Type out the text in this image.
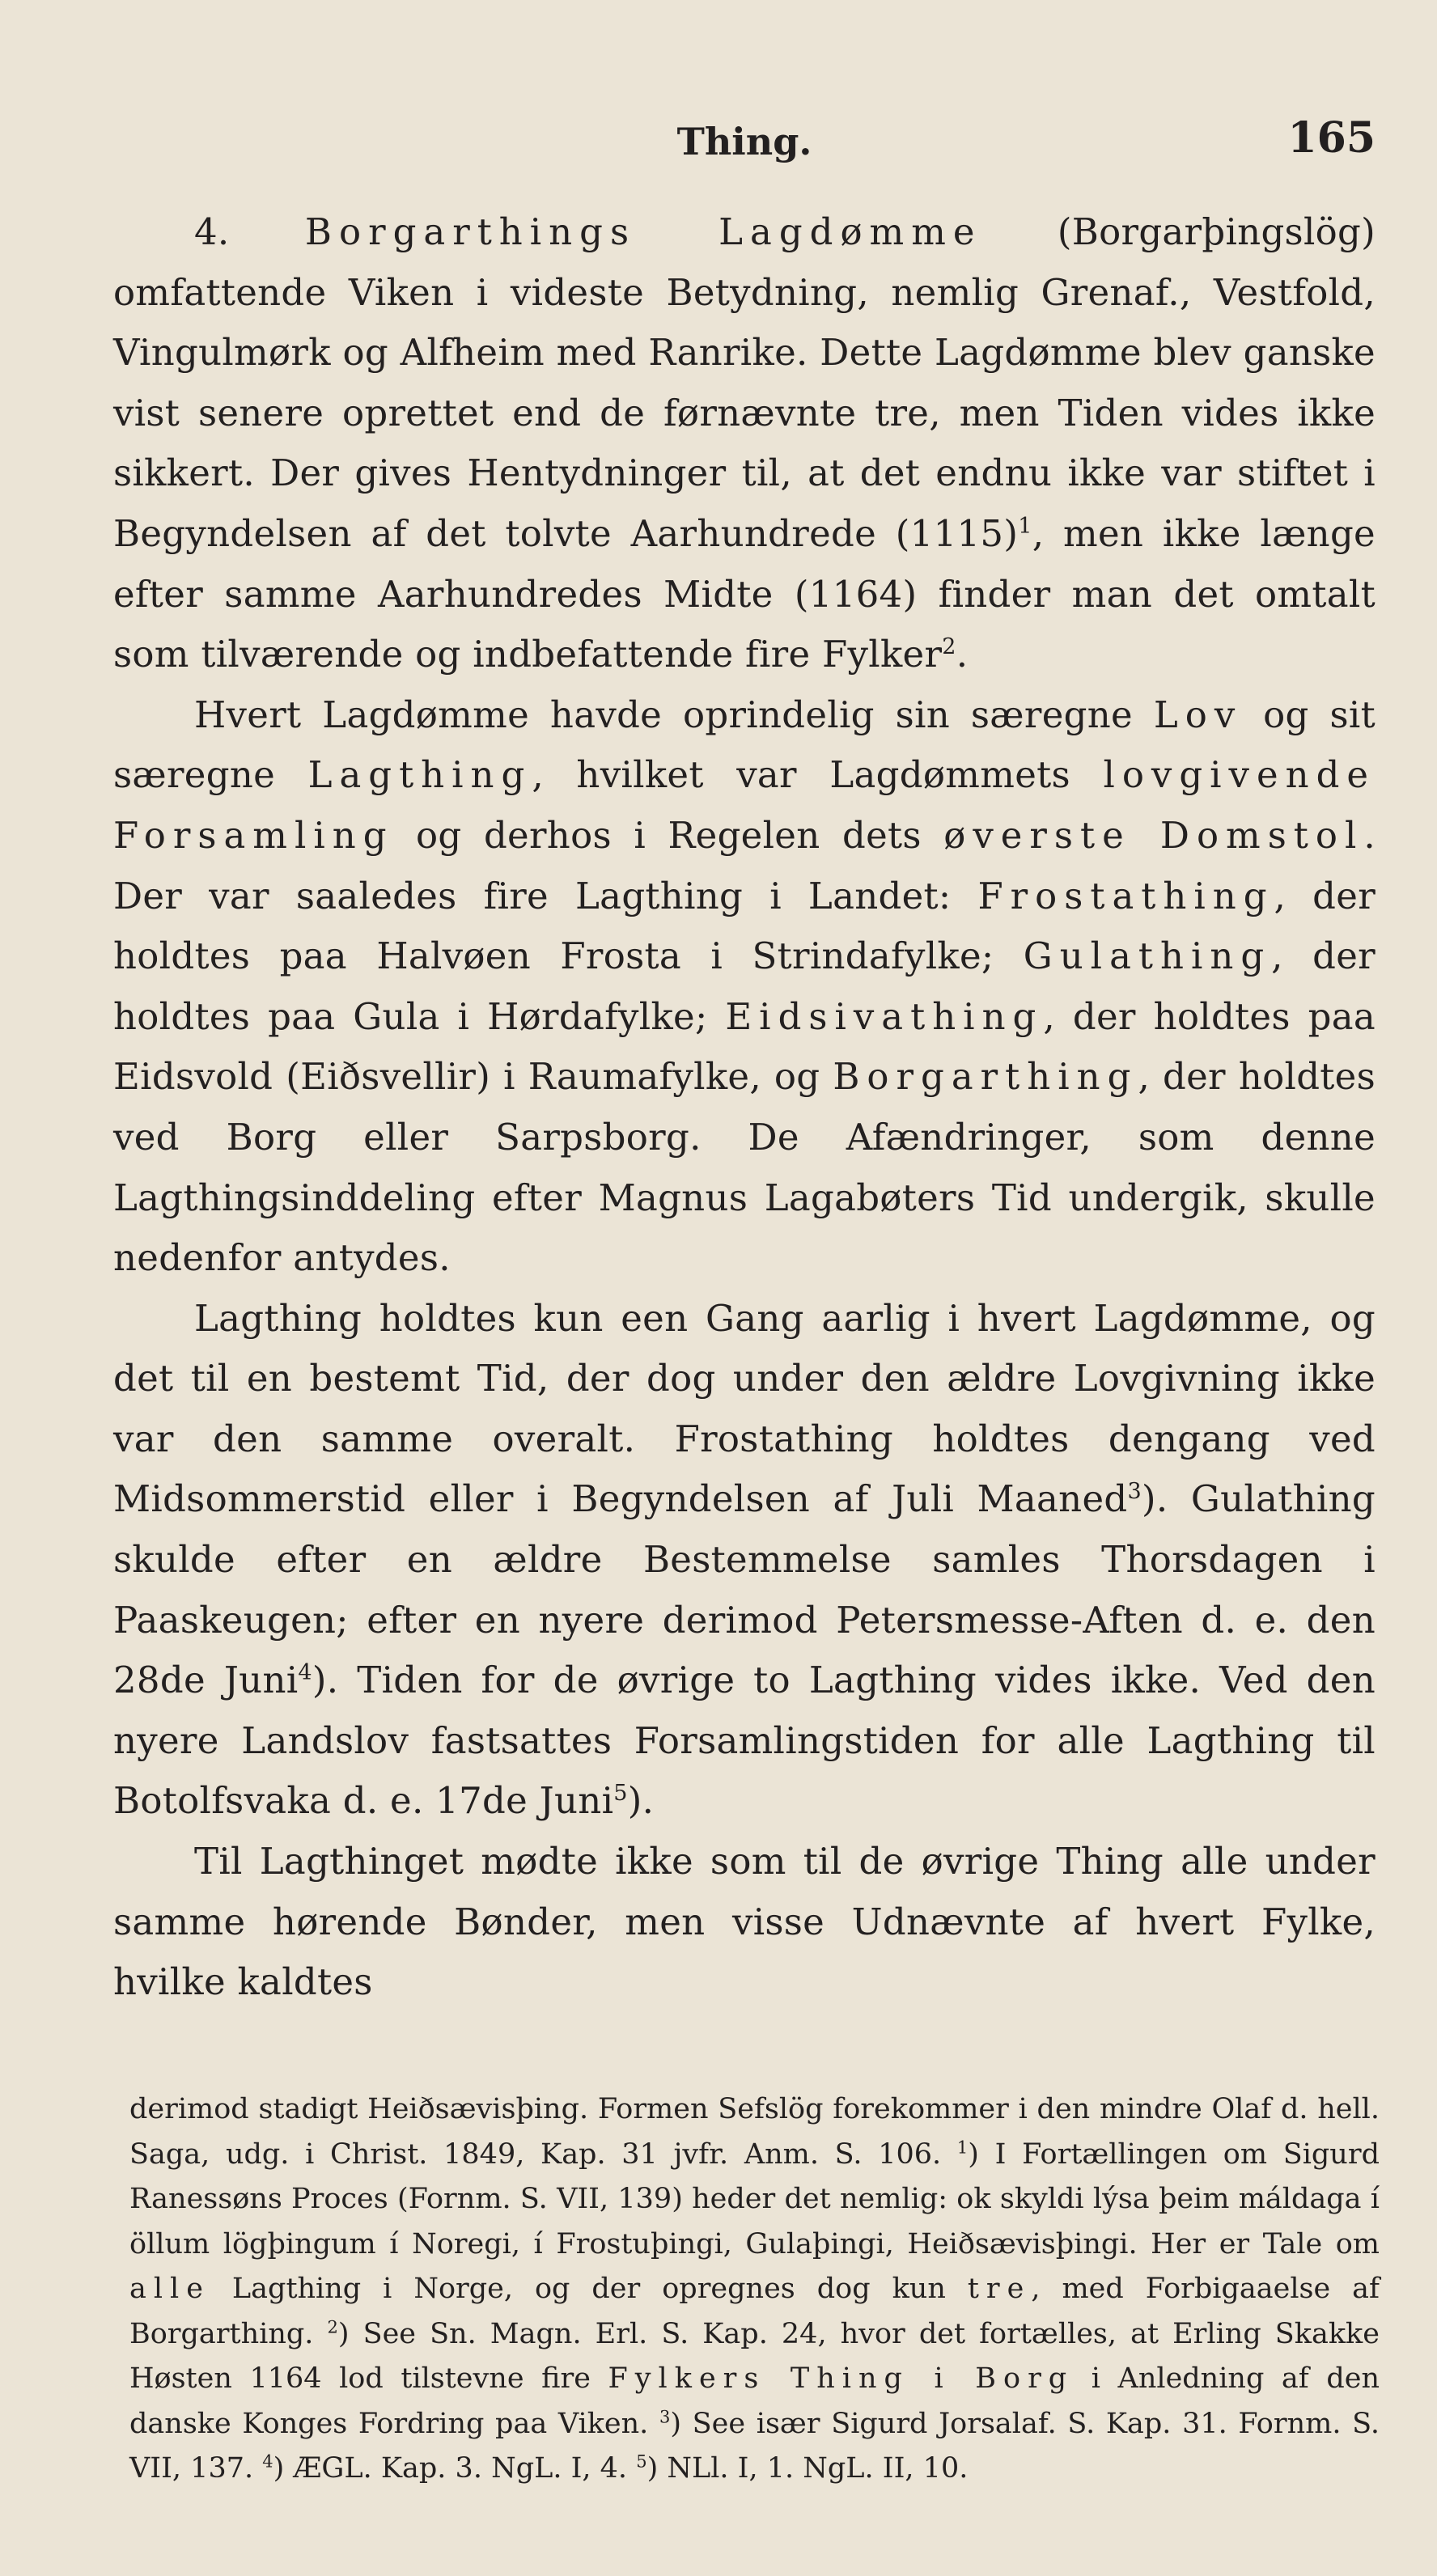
Thing.	165

4. Borgarthings Lagdømme (Borgarþingslög) omfattende Viken i videste Betydning, nemlig Grenaf., Vestfold, Vingulmørk og Alfheim med Ranrike. Dette Lagdømme blev ganske vist senere oprettet end de førnævnte tre, men Tiden vides ikke sikkert. Der gives Hentydninger til, at det endnu ikke var stiftet i Begyndelsen af det tolvte Aarhundrede $(1115)^1$, men ikke længe efter samme Aarhundredes Midte (1164) finder man det omtalt som tilværende og indbefattende fire Fylker$^2$.

Hvert Lagdømme havde oprindelig sin særegne Lov og sit særegne Lagthing, hvilket var Lagdømmets lovgivende Forsamling og derhos i Regelen dets øverste Domstol. Der var saaledes fire Lagthing i Landet: Frostathing, der holdtes paa Halvøen Frosta i Strindafylke; Gulathing, der holdtes paa Gula i Hørdafylke; Eidsivathing, der holdtes paa Eidsvold (Eiðsvellir) i Raumafylke, og Borgarthing, der holdtes ved Borg eller Sarpsborg. De Afændringer, som denne Lagthingsinddeling efter Magnus Lagabøters Tid undergik, skulle nedenfor antydes.

Lagthing holdtes kun een Gang aarlig i hvert Lagdømme, og det til en bestemt Tid, der dog under den ældre Lovgivning ikke var den samme overalt. Frostathing holdtes dengang ved Midsommerstid eller i Begyndelsen af Juli Maaned$^3$). Gulathing skulde efter en ældre Bestemmelse samles Thorsdagen i Paaskeugen; efter en nyere derimod Petersmesse-Aften d. e. den 28de Juni$^4$). Tiden for de øvrige to Lagthing vides ikke. Ved den nyere Landslov fastsattes Forsamlingstiden for alle Lagthing til Botolfsvaka d. e. 17de Juni$^5$).

Til Lagthinget mødte ikke som til de øvrige Thing alle under samme hørende Bønder, men visse Udnævnte af hvert Fylke, hvilke kaldtes

derimod stadigt Heiðsævisþing. Formen Sefslög forekommer i den mindre Olaf d. hell. Saga, udg. i Christ. 1849, Kap. 31 jvfr. Anm. S. 106. $^1$) I Fortællingen om Sigurd Ranessøns Proces (Fornm. S. VII, 139) heder det nemlig: ok skyldi lýsa þeim máldaga í öllum lögþingum í Noregi, í Frostuþingi, Gulaþingi, Heiðsævisþingi. Her er Tale om alle Lagthing i Norge, og der opregnes dog kun tre, med Forbigaaelse af Borgarthing. $^2$) See Sn. Magn. Erl. S. Kap. 24, hvor det fortælles, at Erling Skakke Høsten 1164 lod tilstevne fire Fylkers Thing i Borg i Anledning af den danske Konges Fordring paa Viken. $^3$) See især Sigurd Jorsalaf. S. Kap. 31. Fornm. S. VII, 137. $^4$) ÆGL. Kap. 3. NgL. I, 4. $^5$) NLl. I, 1. NgL. II, 10.
